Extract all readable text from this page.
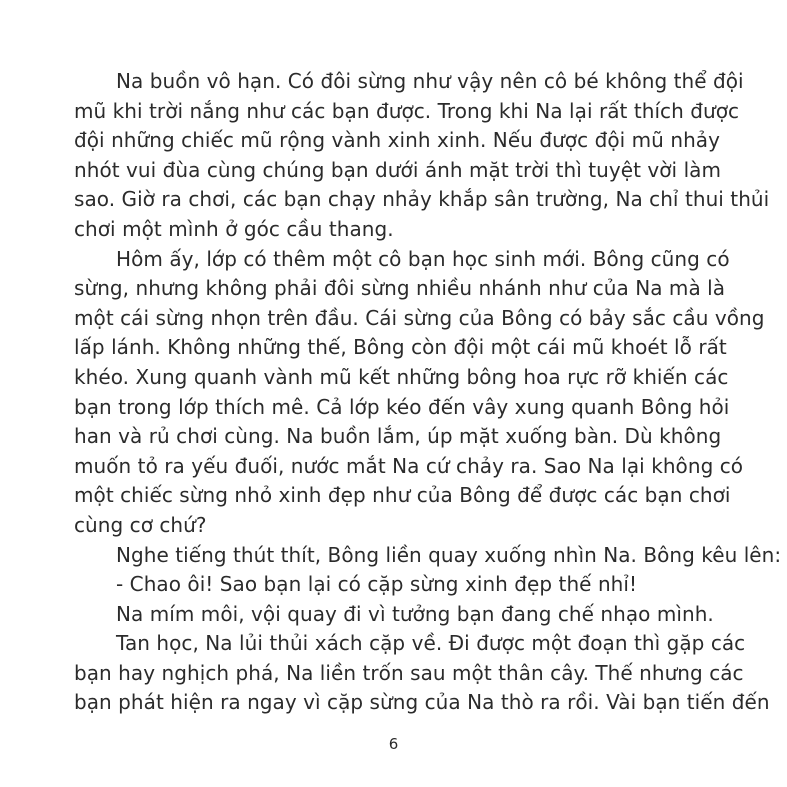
Na buồn vô hạn. Có đôi sừng như vậy nên cô bé không thể đội
mũ khi trời nắng như các bạn được. Trong khi Na lại rất thích được
đội những chiếc mũ rộng vành xinh xinh. Nếu được đội mũ nhảy
nhót vui đùa cùng chúng bạn dưới ánh mặt trời thì tuyệt vời làm
sao. Giờ ra chơi, các bạn chạy nhảy khắp sân trường, Na chỉ thui thủi
chơi một mình ở góc cầu thang.
Hôm ấy, lớp có thêm một cô bạn học sinh mới. Bông cũng có
sừng, nhưng không phải đôi sừng nhiều nhánh như của Na mà là
một cái sừng nhọn trên đầu. Cái sừng của Bông có bảy sắc cầu vồng
lấp lánh. Không những thế, Bông còn đội một cái mũ khoét lỗ rất
khéo. Xung quanh vành mũ kết những bông hoa rực rỡ khiến các
bạn trong lớp thích mê. Cả lớp kéo đến vây xung quanh Bông hỏi
han và rủ chơi cùng. Na buồn lắm, úp mặt xuống bàn. Dù không
muốn tỏ ra yếu đuối, nước mắt Na cứ chảy ra. Sao Na lại không có
một chiếc sừng nhỏ xinh đẹp như của Bông để được các bạn chơi
cùng cơ chứ?
Nghe tiếng thút thít, Bông liền quay xuống nhìn Na. Bông kêu lên:
- Chao ôi! Sao bạn lại có cặp sừng xinh đẹp thế nhỉ!
Na mím môi, vội quay đi vì tưởng bạn đang chế nhạo mình.
Tan học, Na lủi thủi xách cặp về. Đi được một đoạn thì gặp các
bạn hay nghịch phá, Na liền trốn sau một thân cây. Thế nhưng các
bạn phát hiện ra ngay vì cặp sừng của Na thò ra rồi. Vài bạn tiến đến
6
